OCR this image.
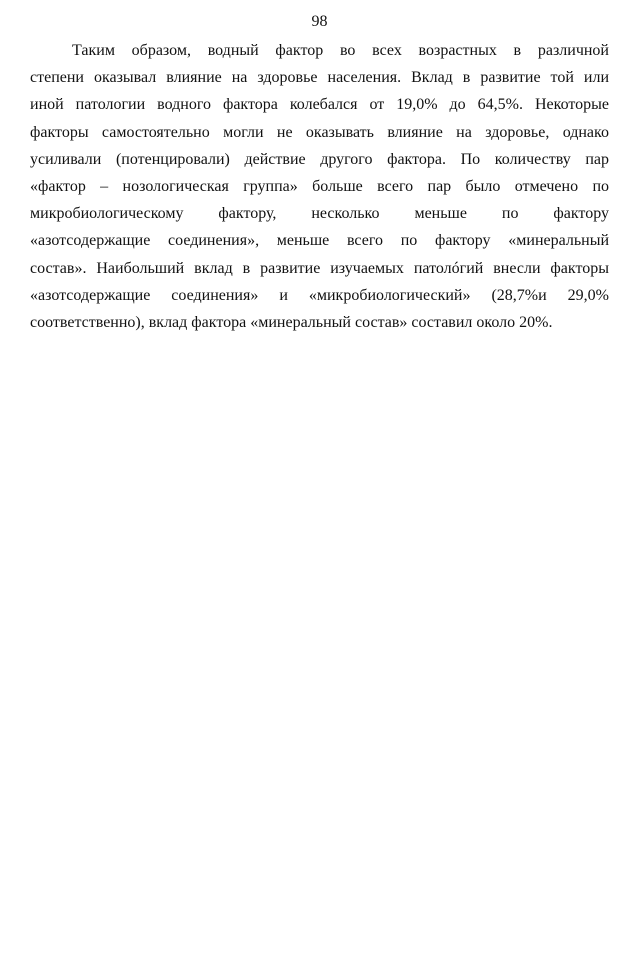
98

Таким образом, водный фактор во всех возрастных в различной
степени оказывал влияние на здоровье населения. Вклад в развитие той или
иной патологии водного фактора колебался от 19,0% до 64,5%. Некоторые
факторы самостоятельно могли не оказывать влияние на здоровье, однако
усиливали (потенцировали) действие другого фактора. По количеству пар
«фактор – нозологическая группа» больше всего пар было отмечено по
микробиологическому фактору, несколько меньше по фактору
«азотсодержащие соединения», меньше всего по фактору «минеральный
состав». Наибольший вклад в развитие изучаемых патолóгий внесли факторы
«азотсодержащие соединения» и «микробиологический» (28,7%и 29,0%
соответственно), вклад фактора «минеральный состав» составил около 20%.
